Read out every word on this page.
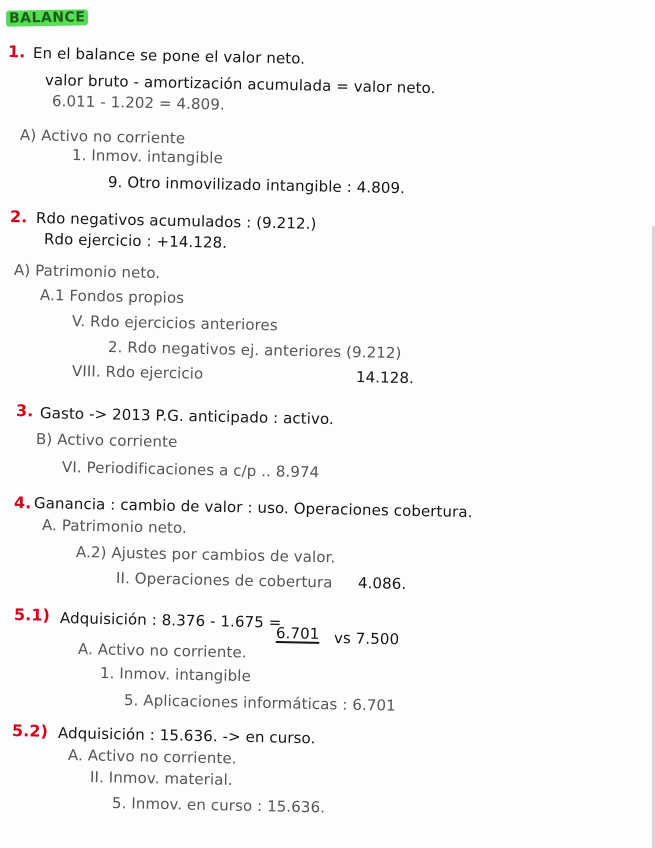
BALANCE
1. En el balance se pone el valor neto.
valor bruto - amortización acumulada = valor neto.
6.011 - 1.202 = 4.809.
A) Activo no corriente
1. Inmov. intangible
9. Otro inmovilizado intangible : 4.809.
2. Rdo negativos acumulados : (9.212.)
Rdo ejercicio : +14.128.
A) Patrimonio neto.
A.1 Fondos propios
V. Rdo ejercicios anteriores
2. Rdo negativos ej. anteriores (9.212)
VIII. Rdo ejercicio	14.128.
3. Gasto -> 2013 P.G. anticipado : activo.
B) Activo corriente
VI. Periodificaciones a c/p .. 8.974
4. Ganancia : cambio de valor : uso. Operaciones cobertura.
A. Patrimonio neto.
A.2) Ajustes por cambios de valor.
II. Operaciones de cobertura 4.086.
5.1) Adquisición : 8.376 - 1.675 =
6.701 vs 7.500
A. Activo no corriente.
1. Inmov. intangible
5. Aplicaciones informáticas : 6.701
5.2) Adquisición : 15.636. -> en curso.
A. Activo no corriente.
II. Inmov. material.
5. Inmov. en curso : 15.636.
